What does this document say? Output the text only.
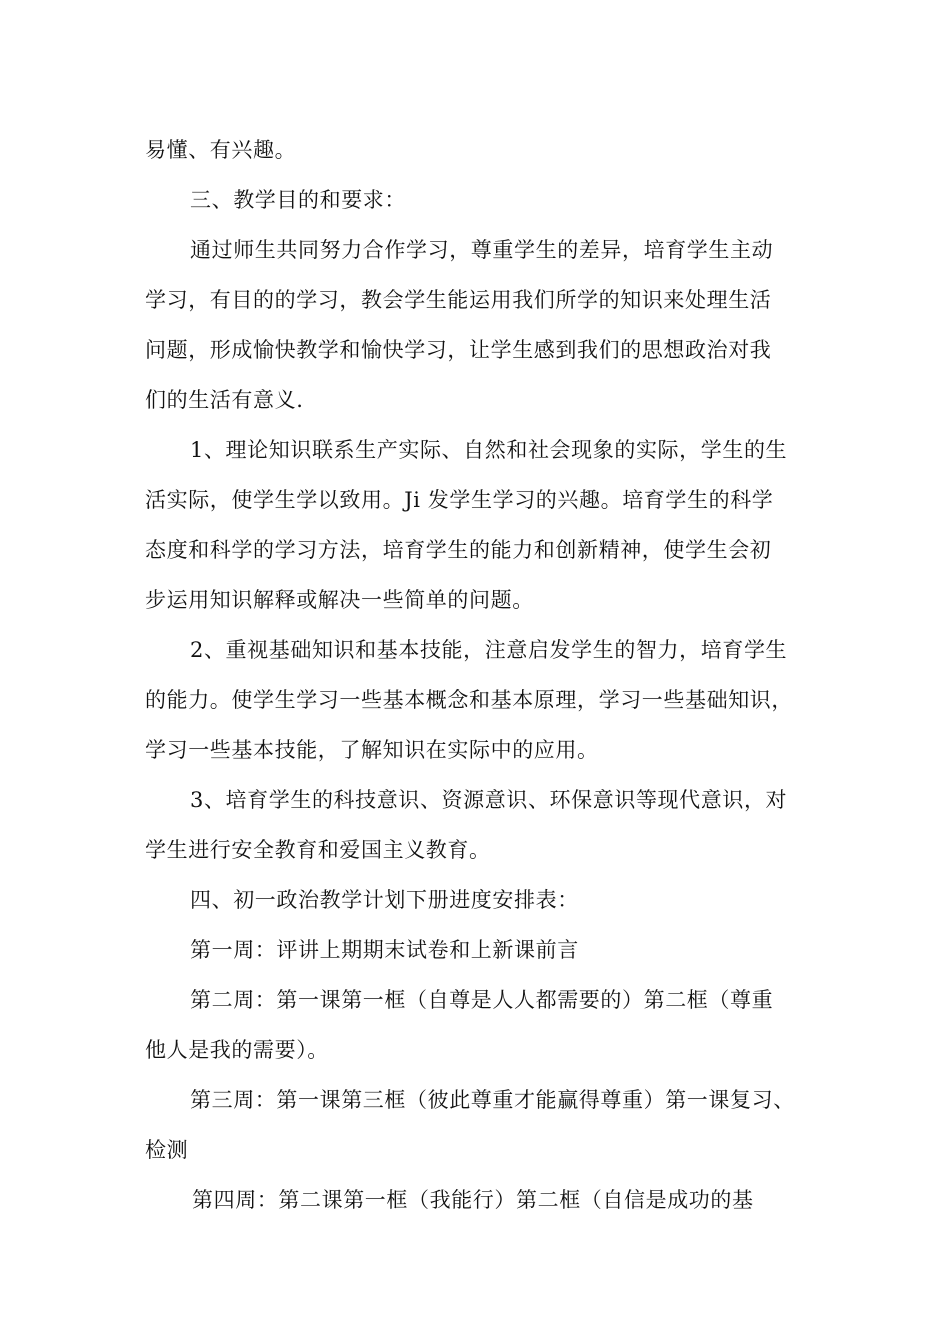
易懂、有兴趣。
三、教学目的和要求：
通过师生共同努力合作学习，尊重学生的差异，培育学生主动
学习，有目的的学习，教会学生能运用我们所学的知识来处理生活
问题，形成愉快教学和愉快学习，让学生感到我们的思想政治对我
们的生活有意义.
1、理论知识联系生产实际、自然和社会现象的实际，学生的生
活实际，使学生学以致用。Ji 发学生学习的兴趣。培育学生的科学
态度和科学的学习方法，培育学生的能力和创新精神，使学生会初
步运用知识解释或解决一些简单的问题。
2、重视基础知识和基本技能，注意启发学生的智力，培育学生
的能力。使学生学习一些基本概念和基本原理，学习一些基础知识，
学习一些基本技能，了解知识在实际中的应用。
3、培育学生的科技意识、资源意识、环保意识等现代意识，对
学生进行安全教育和爱国主义教育。
四、初一政治教学计划下册进度安排表：
第一周：评讲上期期末试卷和上新课前言
第二周：第一课第一框（自尊是人人都需要的）第二框（尊重
他人是我的需要）。
第三周：第一课第三框（彼此尊重才能赢得尊重）第一课复习、
检测
第四周：第二课第一框（我能行）第二框（自信是成功的基
